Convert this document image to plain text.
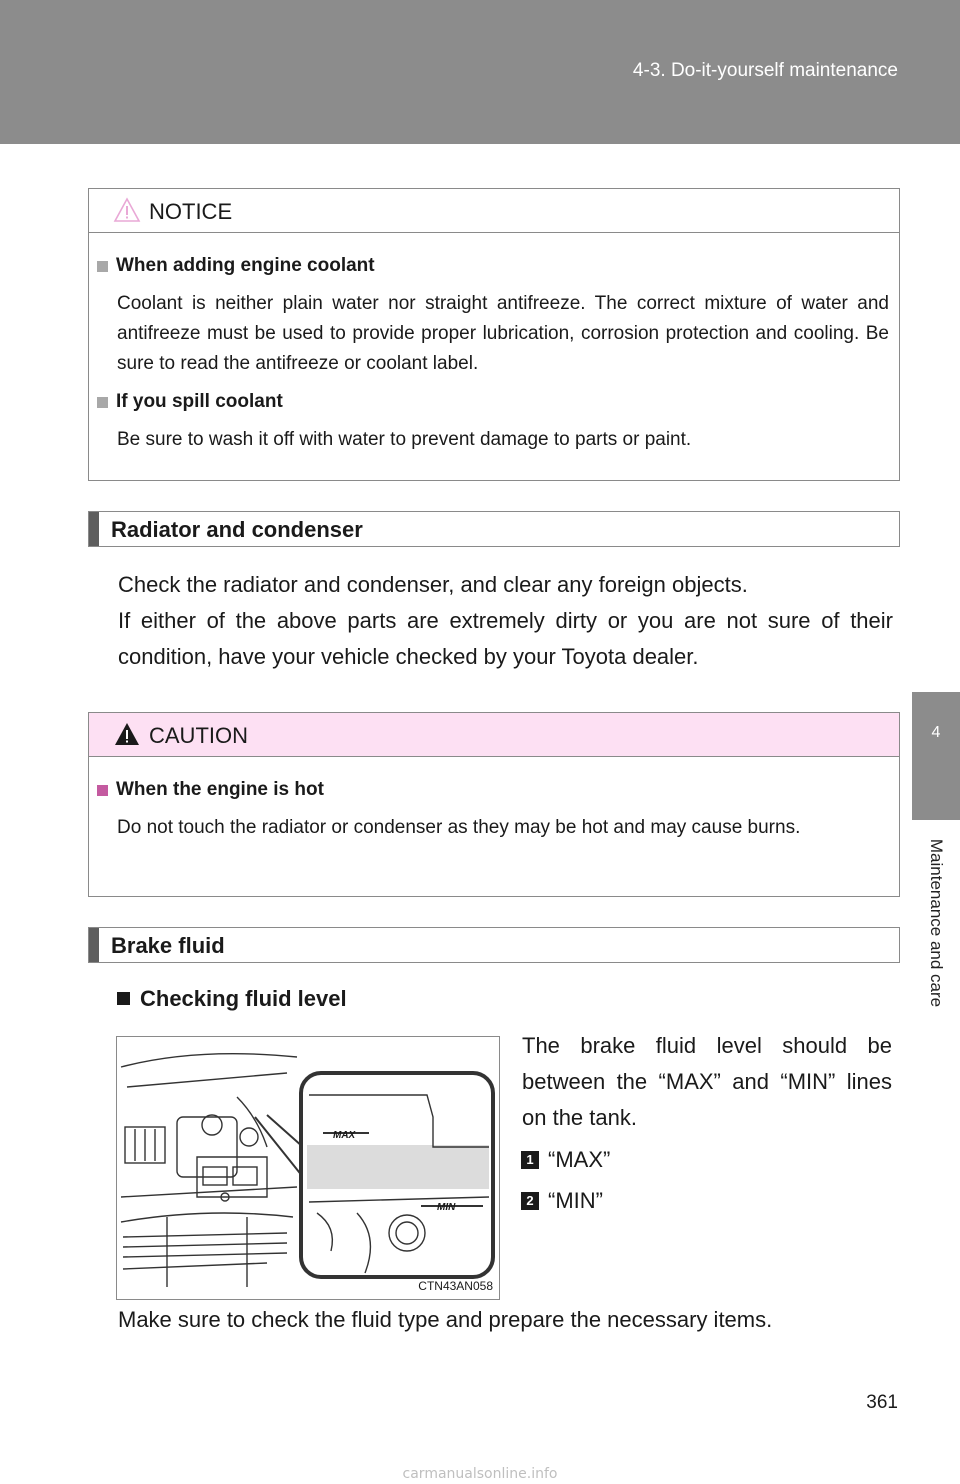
4-3. Do-it-yourself maintenance
4
Maintenance and care
NOTICE
When adding engine coolant
Coolant is neither plain water nor straight antifreeze. The correct mixture of water and antifreeze must be used to provide proper lubrication, corrosion protection and cooling. Be sure to read the antifreeze or coolant label.
If you spill coolant
Be sure to wash it off with water to prevent damage to parts or paint.
Radiator and condenser
Check the radiator and condenser, and clear any foreign objects.
If either of the above parts are extremely dirty or you are not sure of their condition, have your vehicle checked by your Toyota dealer.
CAUTION
When the engine is hot
Do not touch the radiator or condenser as they may be hot and may cause burns.
Brake fluid
Checking fluid level
MAX
MIN
CTN43AN058
The brake fluid level should be between the “MAX” and “MIN” lines on the tank.
1 “MAX”
2 “MIN”
Make sure to check the fluid type and prepare the necessary items.
361
carmanualsonline.info
